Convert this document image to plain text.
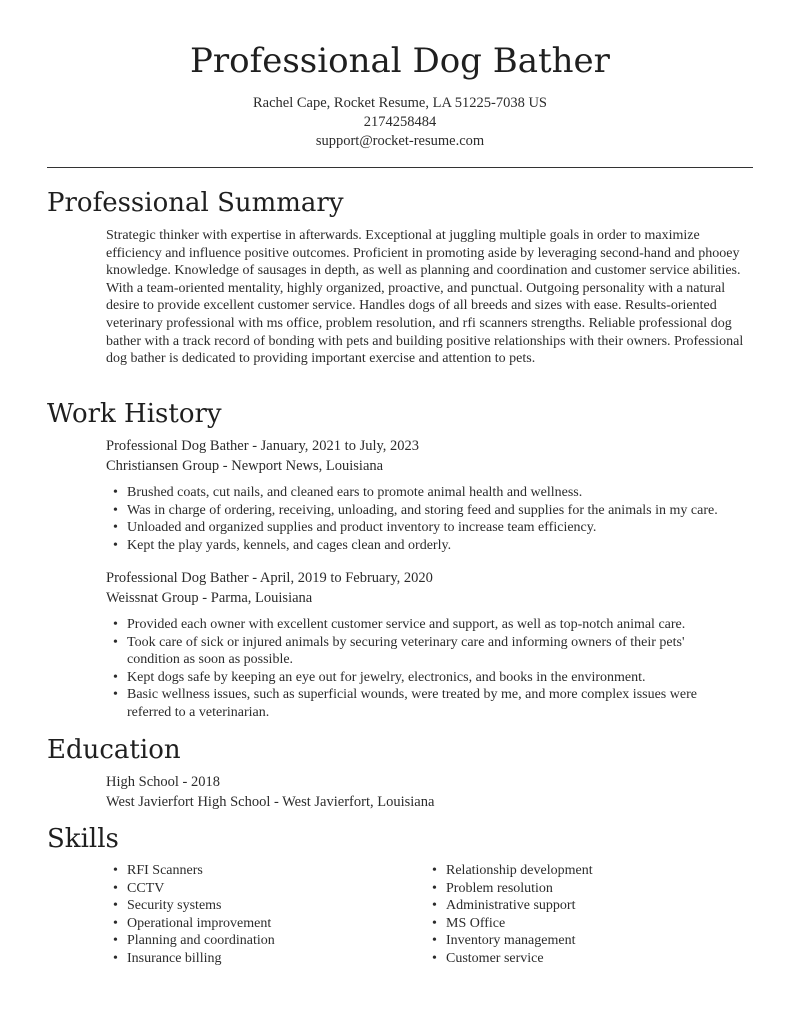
Professional Dog Bather
Rachel Cape, Rocket Resume, LA 51225-7038 US
2174258484
support@rocket-resume.com
Professional Summary

Strategic thinker with expertise in afterwards. Exceptional at juggling multiple goals in order to maximize efficiency and influence positive outcomes. Proficient in promoting aside by leveraging second-hand and phooey knowledge. Knowledge of sausages in depth, as well as planning and coordination and customer service abilities. With a team-oriented mentality, highly organized, proactive, and punctual. Outgoing personality with a natural desire to provide excellent customer service. Handles dogs of all breeds and sizes with ease. Results-oriented veterinary professional with ms office, problem resolution, and rfi scanners strengths. Reliable professional dog bather with a track record of bonding with pets and building positive relationships with their owners. Professional dog bather is dedicated to providing important exercise and attention to pets.

Work History
Professional Dog Bather - January, 2021 to July, 2023
Christiansen Group - Newport News, Louisiana
• Brushed coats, cut nails, and cleaned ears to promote animal health and wellness.
• Was in charge of ordering, receiving, unloading, and storing feed and supplies for the animals in my care.
• Unloaded and organized supplies and product inventory to increase team efficiency.
• Kept the play yards, kennels, and cages clean and orderly.
Professional Dog Bather - April, 2019 to February, 2020
Weissnat Group - Parma, Louisiana
• Provided each owner with excellent customer service and support, as well as top-notch animal care.
• Took care of sick or injured animals by securing veterinary care and informing owners of their pets' condition as soon as possible.
• Kept dogs safe by keeping an eye out for jewelry, electronics, and books in the environment.
• Basic wellness issues, such as superficial wounds, were treated by me, and more complex issues were referred to a veterinarian.
Education
High School - 2018
West Javierfort High School - West Javierfort, Louisiana
Skills
• RFI Scanners
• CCTV
• Security systems
• Operational improvement
• Planning and coordination
• Insurance billing
• Relationship development
• Problem resolution
• Administrative support
• MS Office
• Inventory management
• Customer service
